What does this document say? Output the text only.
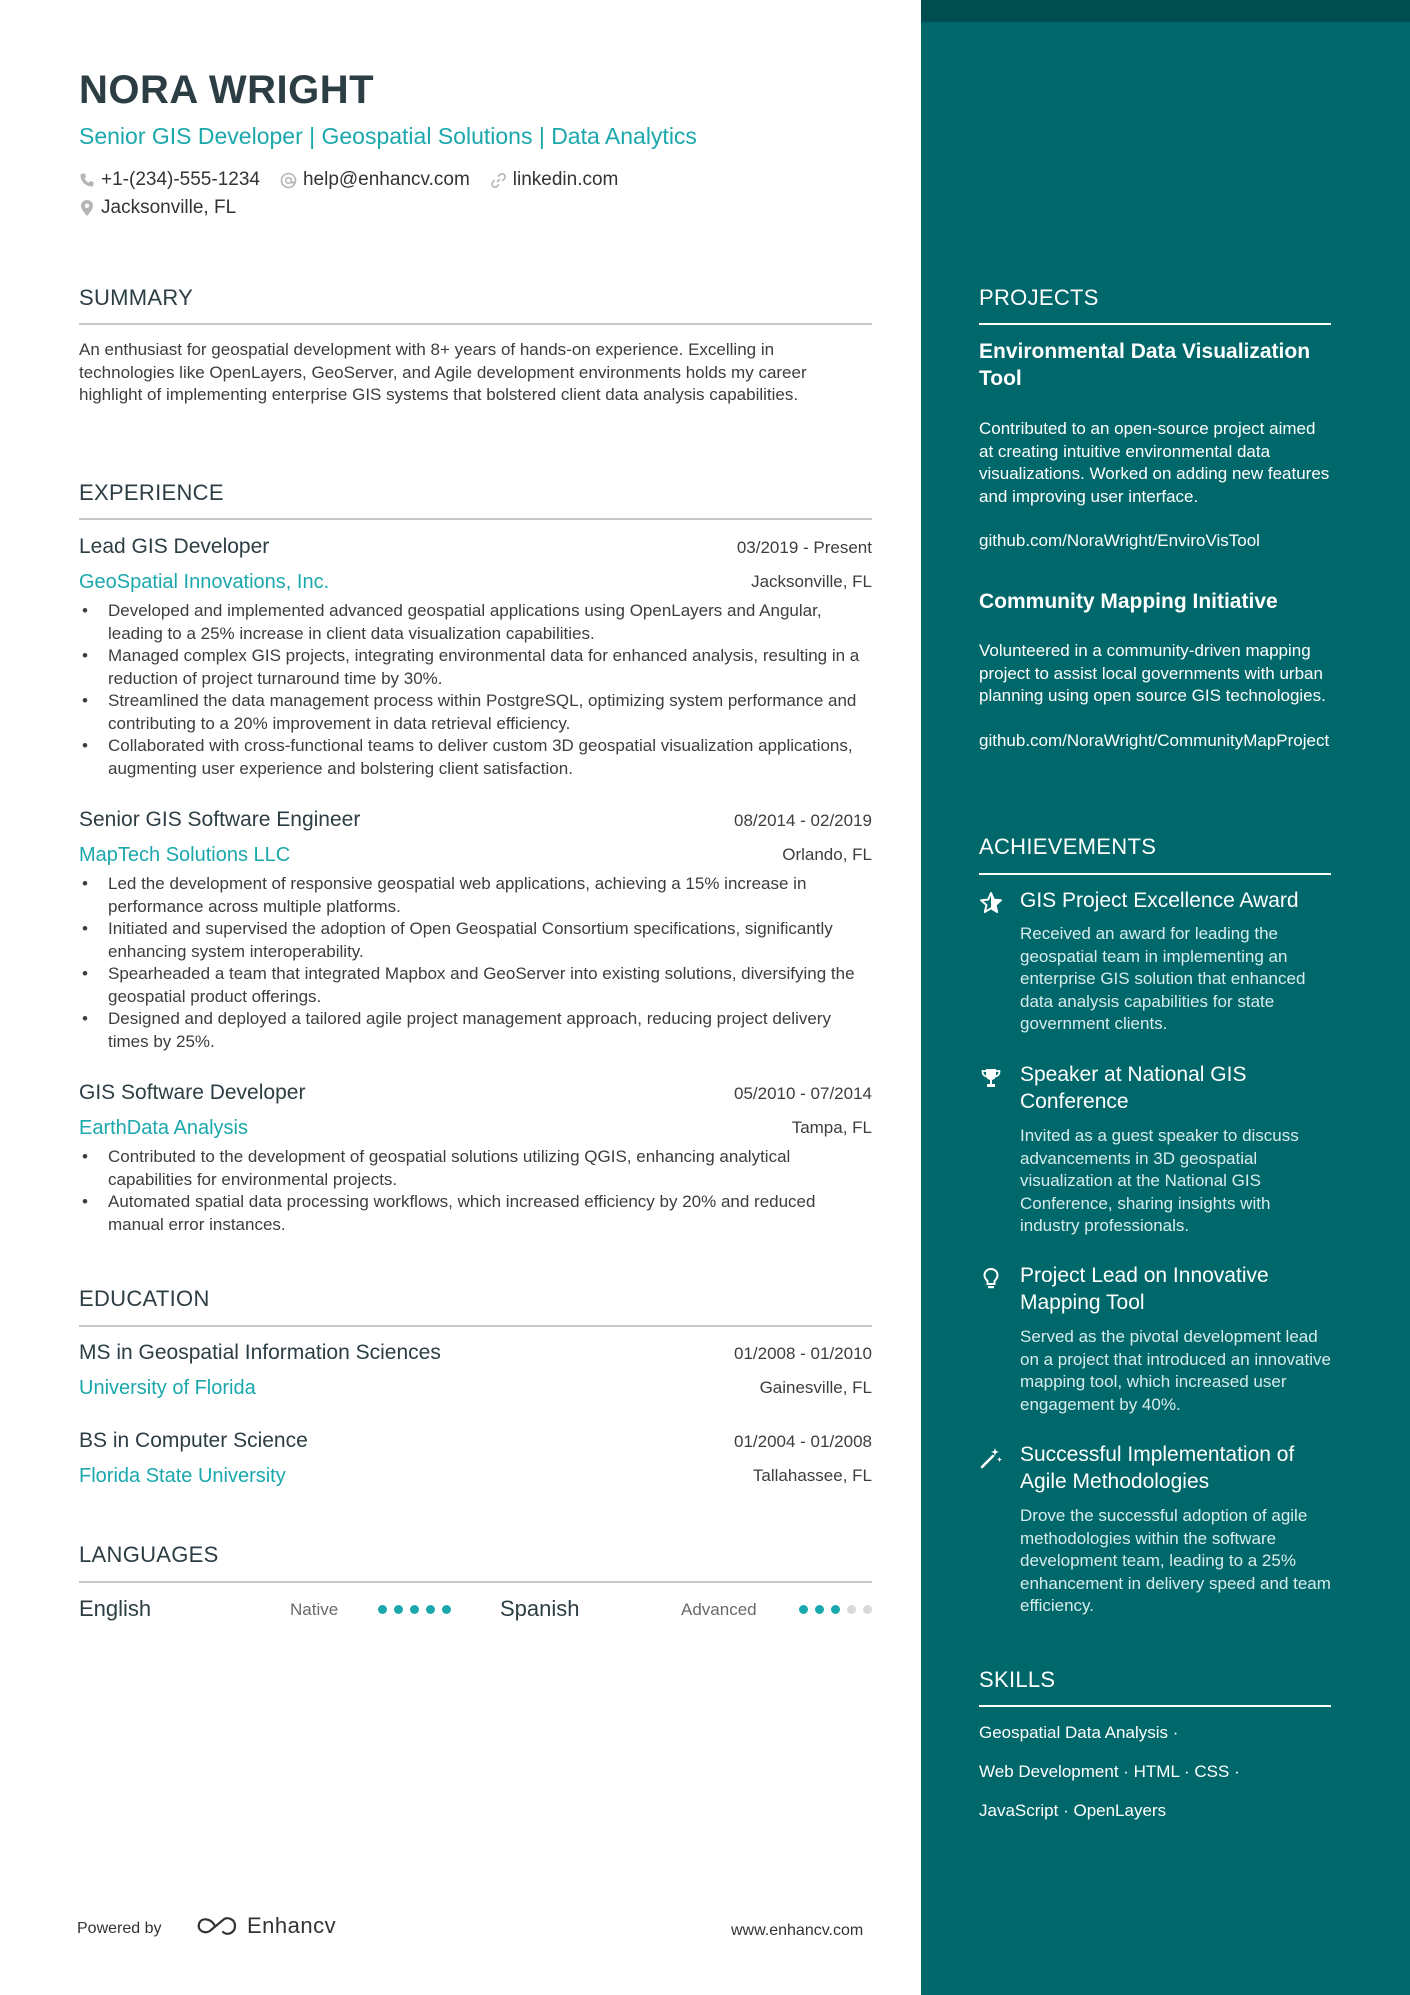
NORA WRIGHT
Senior GIS Developer | Geospatial Solutions | Data Analytics
+1-(234)-555-1234 help@enhancv.com linkedin.com
Jacksonville, FL
SUMMARY
An enthusiast for geospatial development with 8+ years of hands-on experience. Excelling in technologies like OpenLayers, GeoServer, and Agile development environments holds my career highlight of implementing enterprise GIS systems that bolstered client data analysis capabilities.
EXPERIENCE
Lead GIS Developer	03/2019 - Present
GeoSpatial Innovations, Inc.	Jacksonville, FL
• Developed and implemented advanced geospatial applications using OpenLayers and Angular, leading to a 25% increase in client data visualization capabilities.
• Managed complex GIS projects, integrating environmental data for enhanced analysis, resulting in a reduction of project turnaround time by 30%.
• Streamlined the data management process within PostgreSQL, optimizing system performance and contributing to a 20% improvement in data retrieval efficiency.
• Collaborated with cross-functional teams to deliver custom 3D geospatial visualization applications, augmenting user experience and bolstering client satisfaction.
Senior GIS Software Engineer	08/2014 - 02/2019
MapTech Solutions LLC	Orlando, FL
• Led the development of responsive geospatial web applications, achieving a 15% increase in performance across multiple platforms.
• Initiated and supervised the adoption of Open Geospatial Consortium specifications, significantly enhancing system interoperability.
• Spearheaded a team that integrated Mapbox and GeoServer into existing solutions, diversifying the geospatial product offerings.
• Designed and deployed a tailored agile project management approach, reducing project delivery times by 25%.
GIS Software Developer	05/2010 - 07/2014
EarthData Analysis	Tampa, FL
• Contributed to the development of geospatial solutions utilizing QGIS, enhancing analytical capabilities for environmental projects.
• Automated spatial data processing workflows, which increased efficiency by 20% and reduced manual error instances.
EDUCATION
MS in Geospatial Information Sciences	01/2008 - 01/2010
University of Florida	Gainesville, FL
BS in Computer Science	01/2004 - 01/2008
Florida State University	Tallahassee, FL
LANGUAGES
English	Native	Spanish	Advanced
PROJECTS
Environmental Data Visualization Tool
Contributed to an open-source project aimed at creating intuitive environmental data visualizations. Worked on adding new features and improving user interface.
github.com/NoraWright/EnviroVisTool
Community Mapping Initiative
Volunteered in a community-driven mapping project to assist local governments with urban planning using open source GIS technologies.
github.com/NoraWright/CommunityMapProject
ACHIEVEMENTS
GIS Project Excellence Award
Received an award for leading the geospatial team in implementing an enterprise GIS solution that enhanced data analysis capabilities for state government clients.
Speaker at National GIS Conference
Invited as a guest speaker to discuss advancements in 3D geospatial visualization at the National GIS Conference, sharing insights with industry professionals.
Project Lead on Innovative Mapping Tool
Served as the pivotal development lead on a project that introduced an innovative mapping tool, which increased user engagement by 40%.
Successful Implementation of Agile Methodologies
Drove the successful adoption of agile methodologies within the software development team, leading to a 25% enhancement in delivery speed and team efficiency.
SKILLS
Geospatial Data Analysis ·
Web Development · HTML · CSS ·
JavaScript · OpenLayers
Powered by	Enhancv	www.enhancv.com
